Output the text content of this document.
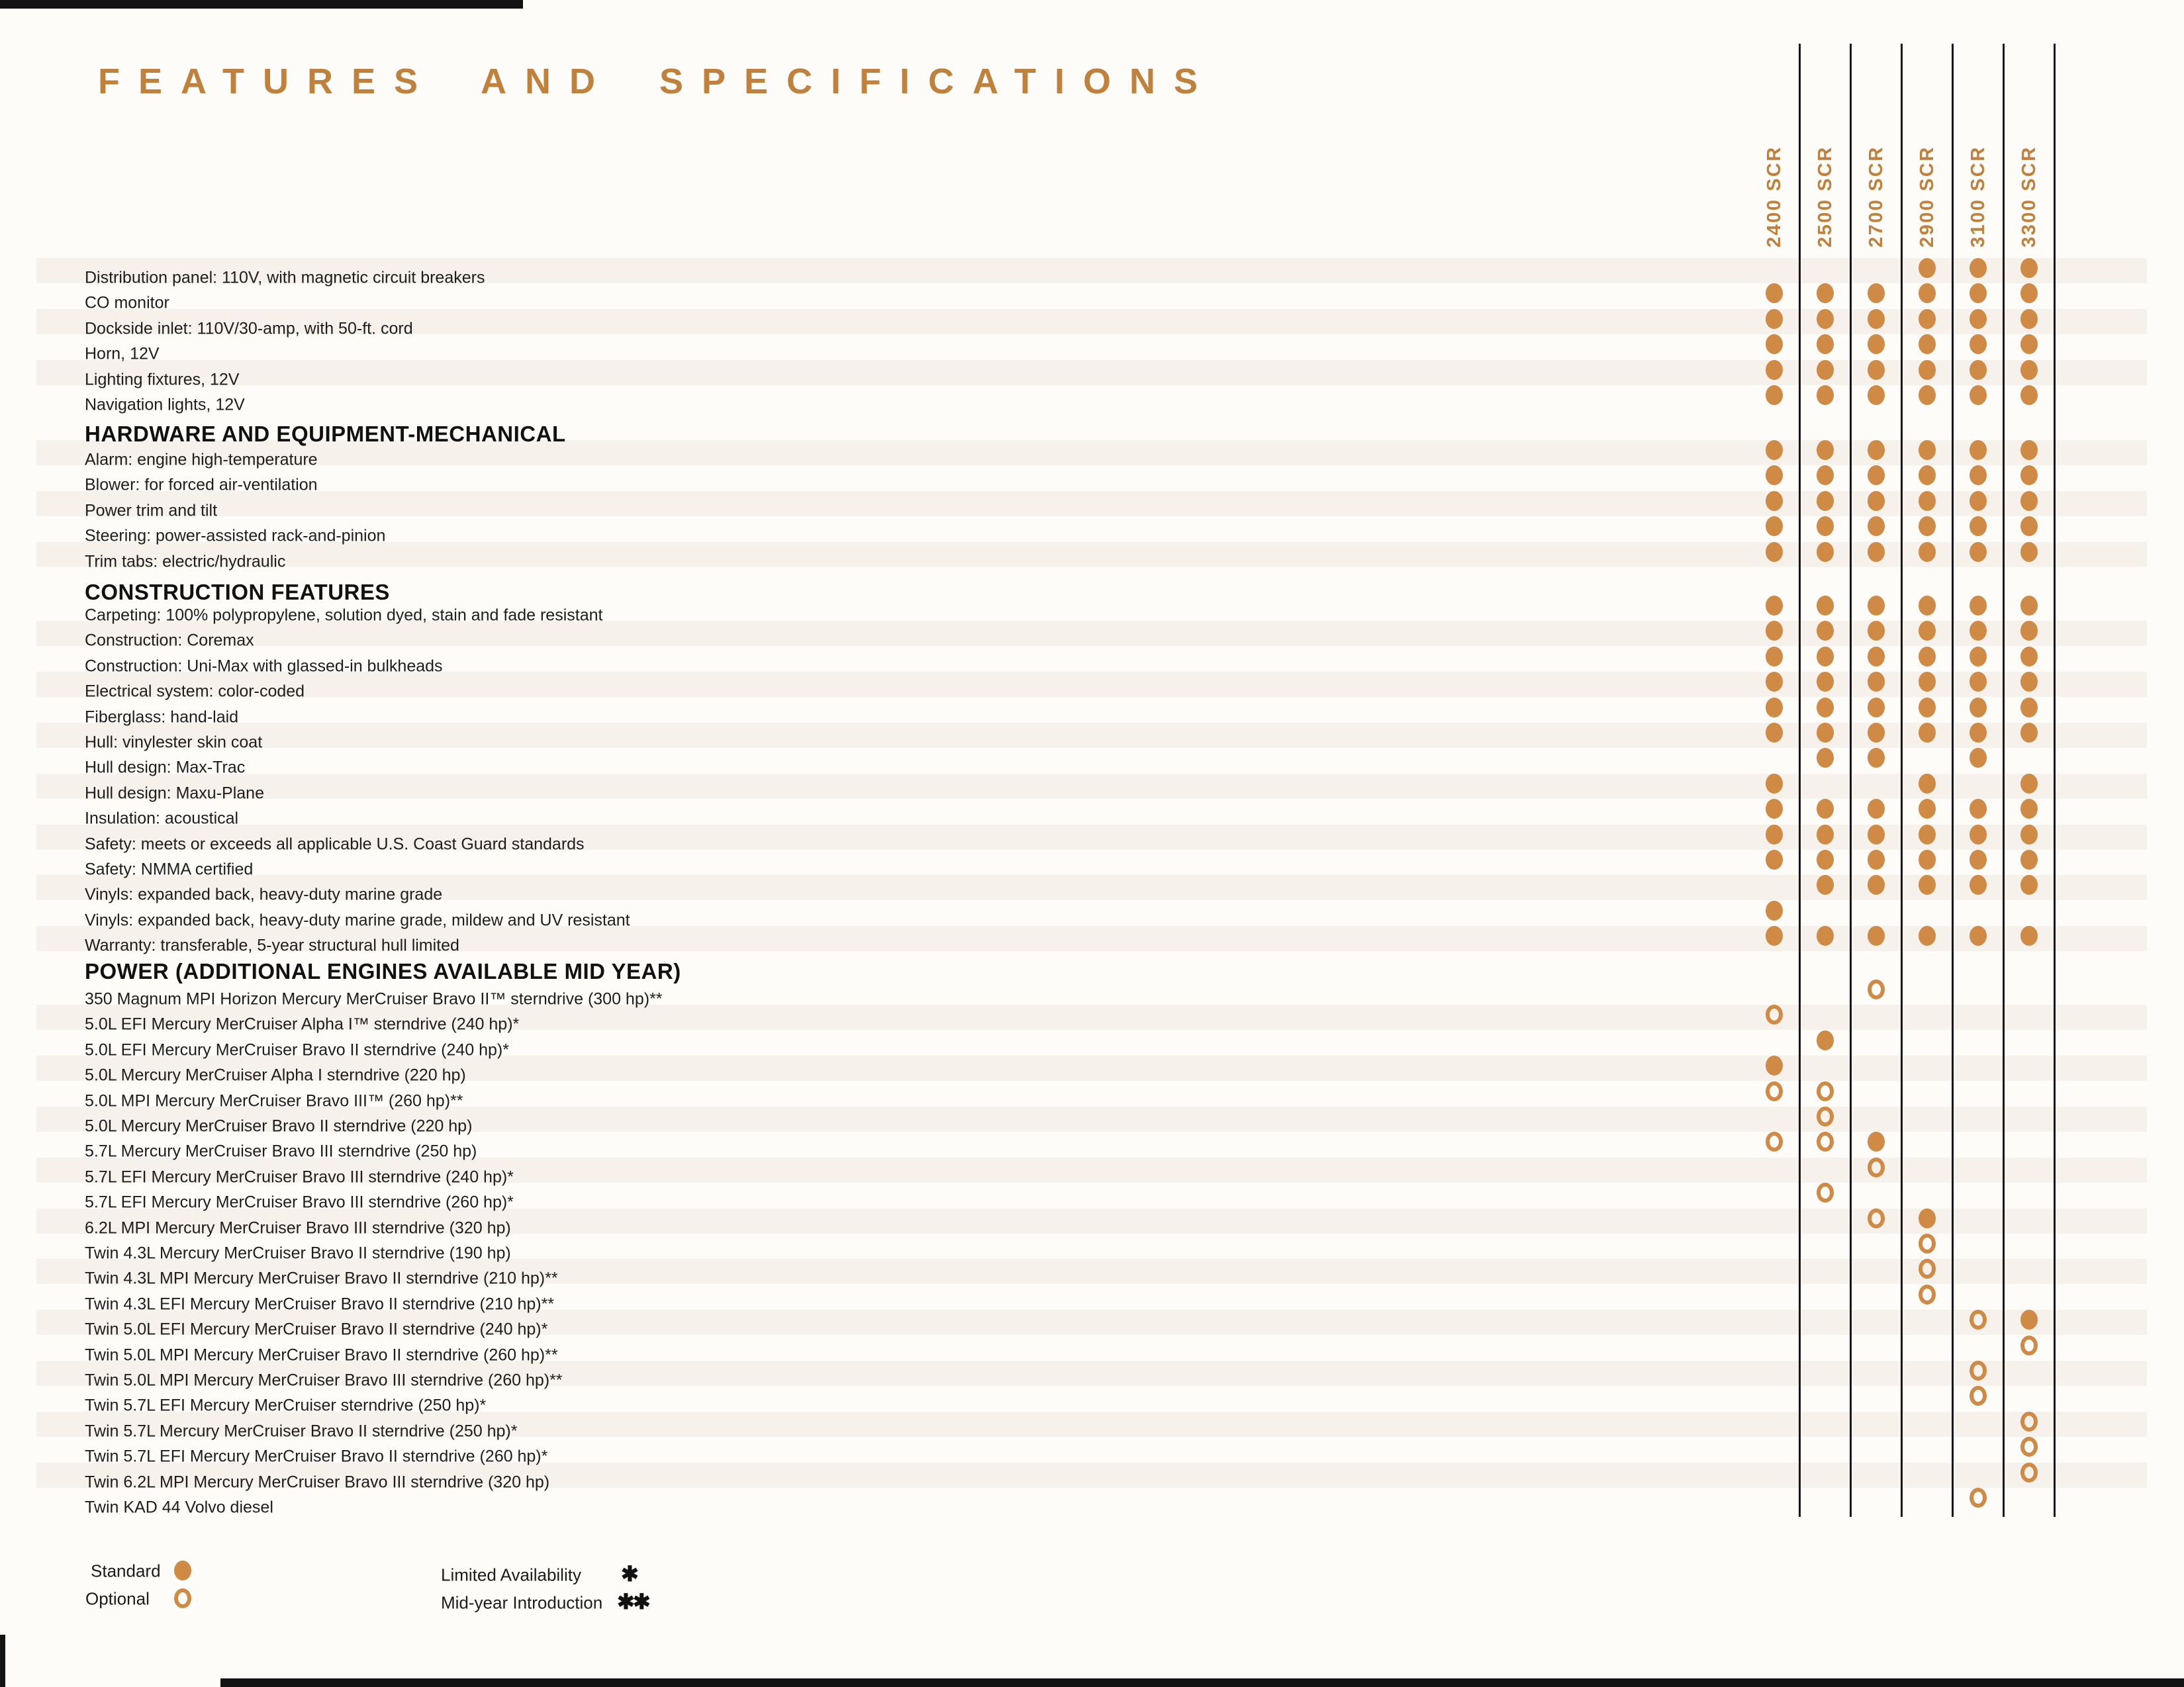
FEATURES AND SPECIFICATIONS
2400 SCR 2500 SCR 2700 SCR 2900 SCR 3100 SCR 3300 SCR
Distribution panel: 110V, with magnetic circuit breakers
CO monitor
Dockside inlet: 110V/30-amp, with 50-ft. cord
Horn, 12V
Lighting fixtures, 12V
Navigation lights, 12V
HARDWARE AND EQUIPMENT-MECHANICAL
Alarm: engine high-temperature
Blower: for forced air-ventilation
Power trim and tilt
Steering: power-assisted rack-and-pinion
Trim tabs: electric/hydraulic
CONSTRUCTION FEATURES
Carpeting: 100% polypropylene, solution dyed, stain and fade resistant
Construction: Coremax
Construction: Uni-Max with glassed-in bulkheads
Electrical system: color-coded
Fiberglass: hand-laid
Hull: vinylester skin coat
Hull design: Max-Trac
Hull design: Maxu-Plane
Insulation: acoustical
Safety: meets or exceeds all applicable U.S. Coast Guard standards
Safety: NMMA certified
Vinyls: expanded back, heavy-duty marine grade
Vinyls: expanded back, heavy-duty marine grade, mildew and UV resistant
Warranty: transferable, 5-year structural hull limited
POWER (ADDITIONAL ENGINES AVAILABLE MID YEAR)
350 Magnum MPI Horizon Mercury MerCruiser Bravo II™ sterndrive (300 hp)**
5.0L EFI Mercury MerCruiser Alpha I™ sterndrive (240 hp)*
5.0L EFI Mercury MerCruiser Bravo II sterndrive (240 hp)*
5.0L Mercury MerCruiser Alpha I sterndrive (220 hp)
5.0L MPI Mercury MerCruiser Bravo III™ (260 hp)**
5.0L Mercury MerCruiser Bravo II sterndrive (220 hp)
5.7L Mercury MerCruiser Bravo III sterndrive (250 hp)
5.7L EFI Mercury MerCruiser Bravo III sterndrive (240 hp)*
5.7L EFI Mercury MerCruiser Bravo III sterndrive (260 hp)*
6.2L MPI Mercury MerCruiser Bravo III sterndrive (320 hp)
Twin 4.3L Mercury MerCruiser Bravo II sterndrive (190 hp)
Twin 4.3L MPI Mercury MerCruiser Bravo II sterndrive (210 hp)**
Twin 4.3L EFI Mercury MerCruiser Bravo II sterndrive (210 hp)**
Twin 5.0L EFI Mercury MerCruiser Bravo II sterndrive (240 hp)*
Twin 5.0L MPI Mercury MerCruiser Bravo II sterndrive (260 hp)**
Twin 5.0L MPI Mercury MerCruiser Bravo III sterndrive (260 hp)**
Twin 5.7L EFI Mercury MerCruiser sterndrive (250 hp)*
Twin 5.7L Mercury MerCruiser Bravo II sterndrive (250 hp)*
Twin 5.7L EFI Mercury MerCruiser Bravo II sterndrive (260 hp)*
Twin 6.2L MPI Mercury MerCruiser Bravo III sterndrive (320 hp)
Twin KAD 44 Volvo diesel
Standard
Optional
Limited Availability ✱
Mid-year Introduction ✱✱
